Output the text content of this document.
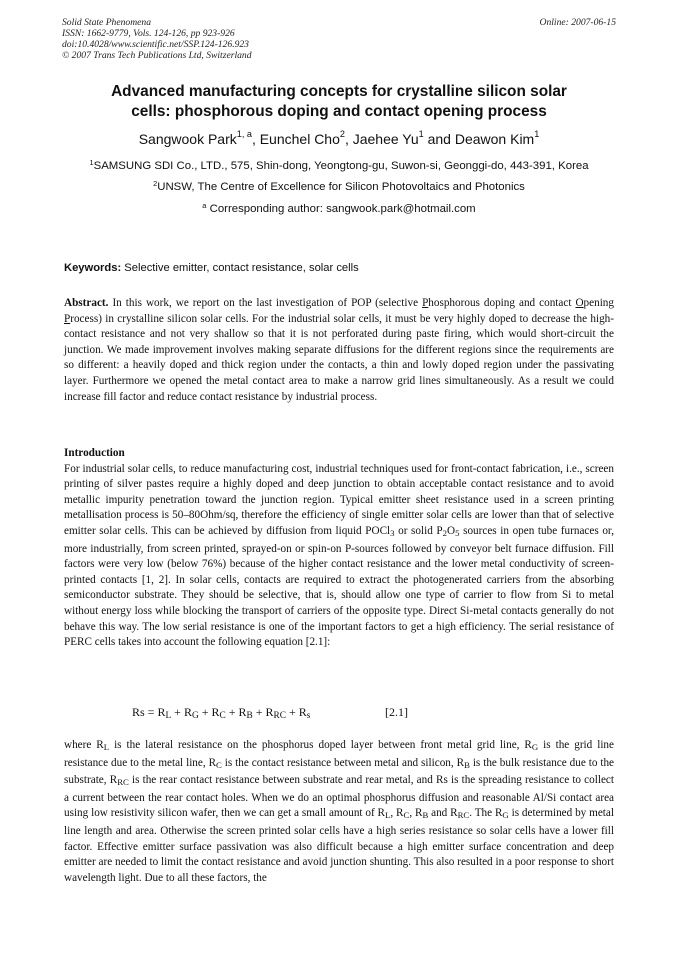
Solid State Phenomena
ISSN: 1662-9779, Vols. 124-126, pp 923-926
doi:10.4028/www.scientific.net/SSP.124-126.923
© 2007 Trans Tech Publications Ltd, Switzerland
Online: 2007-06-15
Advanced manufacturing concepts for crystalline silicon solar
cells: phosphorous doping and contact opening process
Sangwook Park$^{1, a}$, Eunchel Cho$^2$, Jaehee Yu$^1$ and Deawon Kim$^1$
$^1$SAMSUNG SDI Co., LTD., 575, Shin-dong, Yeongtong-gu, Suwon-si, Geonggi-do, 443-391, Korea
$^2$UNSW, The Centre of Excellence for Silicon Photovoltaics and Photonics
$^a$ Corresponding author: sangwook.park@hotmail.com
Keywords: Selective emitter, contact resistance, solar cells

Abstract. In this work, we report on the last investigation of POP (selective Phosphorous doping and contact Opening Process) in crystalline silicon solar cells. For the industrial solar cells, it must be very highly doped to decrease the high-contact resistance and not very shallow so that it is not perforated during paste firing, which would short-circuit the junction. We made improvement involves making separate diffusions for the different regions since the requirements are so different: a heavily doped and thick region under the contacts, a thin and lowly doped region under the passivating layer. Furthermore we opened the metal contact area to make a narrow grid lines simultaneously. As a result we could increase fill factor and reduce contact resistance by industrial process.

Introduction

For industrial solar cells, to reduce manufacturing cost, industrial techniques used for front-contact fabrication, i.e., screen printing of silver pastes require a highly doped and deep junction to obtain acceptable contact resistance and to avoid metallic impurity penetration toward the junction region. Typical emitter sheet resistance used in a screen printing metallisation process is 50–80Ohm/sq, therefore the efficiency of single emitter solar cells are lower than that of selective emitter solar cells. This can be achieved by diffusion from liquid POCl$_3$ or solid $P_2O_5$ sources in open tube furnaces or, more industrially, from screen printed, sprayed-on or spin-on P-sources followed by conveyor belt furnace diffusion. Fill factors were very low (below 76%) because of the higher contact resistance and the lower metal conductivity of screen-printed contacts [1, 2]. In solar cells, contacts are required to extract the photogenerated carriers from the absorbing semiconductor substrate. They should be selective, that is, should allow one type of carrier to flow from Si to metal without energy loss while blocking the transport of carriers of the opposite type. Direct Si-metal contacts generally do not behave this way. The low serial resistance is one of the important factors to get a high efficiency. The serial resistance of PERC cells takes into account the following equation [2.1]:

$Rs = R_L + R_G + R_C + R_B + R_{RC} + R_s$	[2.1]

where $R_L$ is the lateral resistance on the phosphorus doped layer between front metal grid line, $R_G$ is the grid line resistance due to the metal line, $R_C$ is the contact resistance between metal and silicon, $R_B$ is the bulk resistance due to the substrate, $R_{RC}$ is the rear contact resistance between substrate and rear metal, and Rs is the spreading resistance to collect a current between the rear contact holes. When we do an optimal phosphorus diffusion and reasonable Al/Si contact area using low resistivity silicon wafer, then we can get a small amount of $R_L$, $R_C$, $R_B$ and $R_{RC}$. The $R_G$ is determined by metal line length and area. Otherwise the screen printed solar cells have a high series resistance so solar cells have a lower fill factor. Effective emitter surface passivation was also difficult because a high emitter surface concentration and deep emitter are needed to limit the contact resistance and avoid junction shunting. This also resulted in a poor response to short wavelength light. Due to all these factors, the
